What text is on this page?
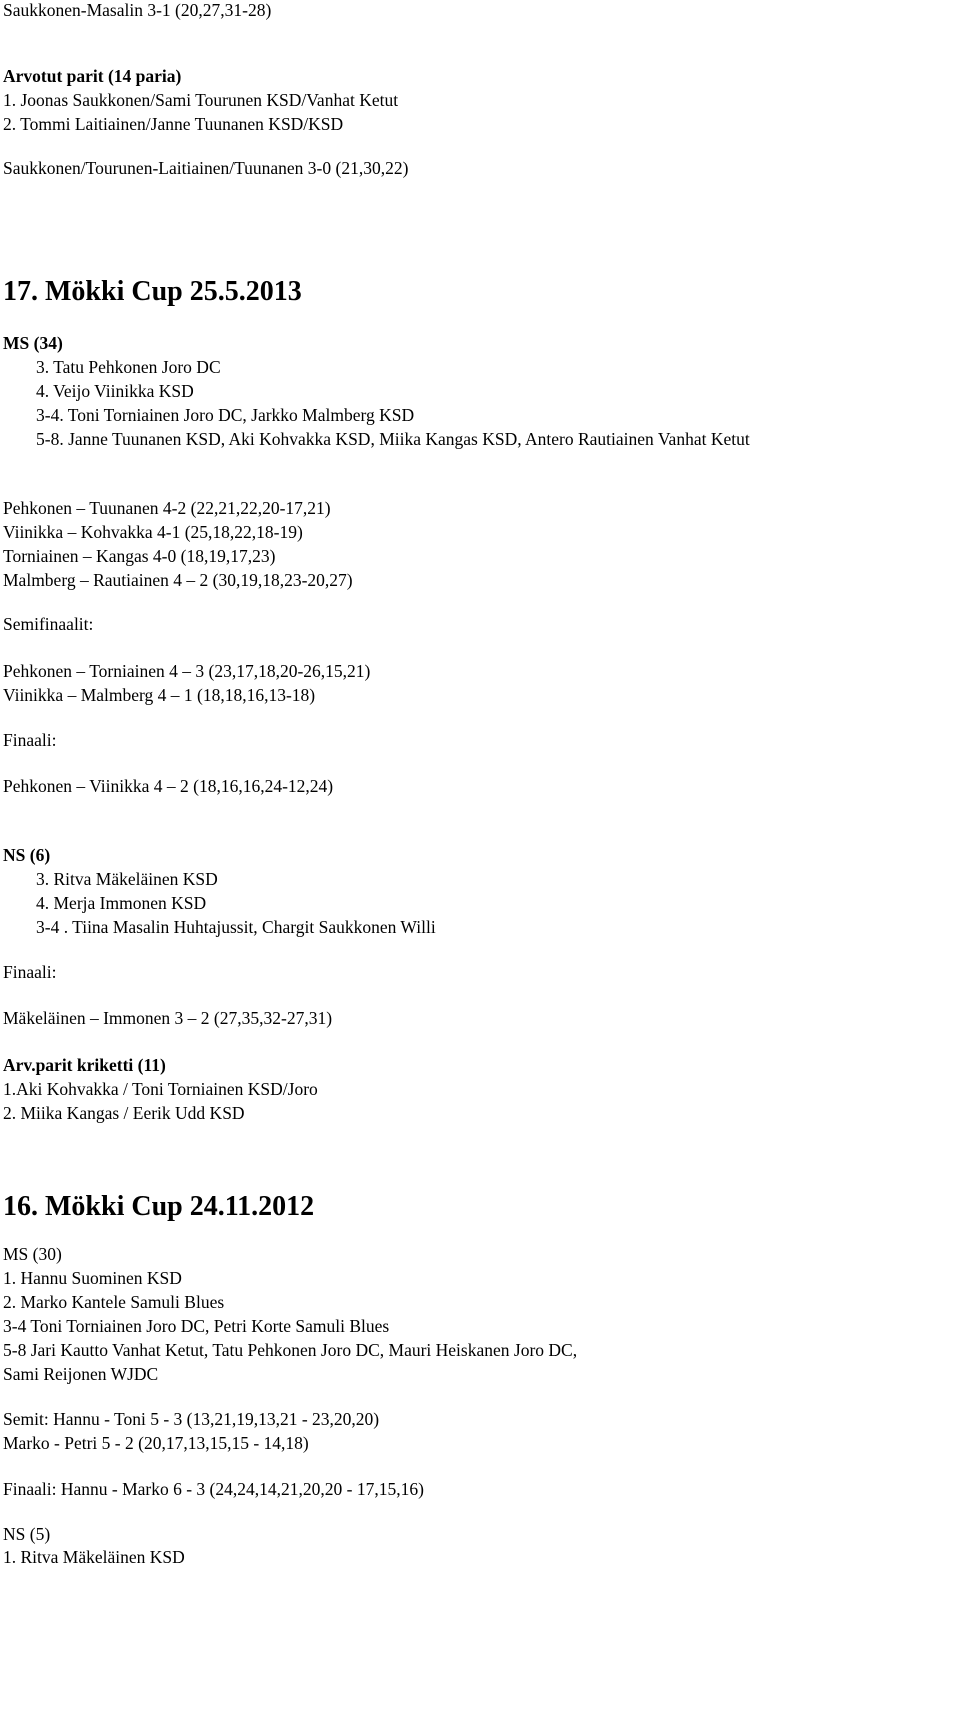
Saukkonen-Masalin 3-1 (20,27,31-28)
Arvotut parit (14 paria)
1. Joonas Saukkonen/Sami Tourunen KSD/Vanhat Ketut
2. Tommi Laitiainen/Janne Tuunanen KSD/KSD
Saukkonen/Tourunen-Laitiainen/Tuunanen 3-0 (21,30,22)
17. Mökki Cup 25.5.2013
MS (34)
3. Tatu Pehkonen Joro DC
4. Veijo Viinikka KSD
3-4. Toni Torniainen Joro DC, Jarkko Malmberg KSD
5-8. Janne Tuunanen KSD, Aki Kohvakka KSD, Miika Kangas KSD, Antero Rautiainen Vanhat Ketut
Pehkonen – Tuunanen 4-2 (22,21,22,20-17,21)
Viinikka – Kohvakka 4-1 (25,18,22,18-19)
Torniainen – Kangas 4-0 (18,19,17,23)
Malmberg – Rautiainen 4 – 2 (30,19,18,23-20,27)
Semifinaalit:
Pehkonen – Torniainen 4 – 3 (23,17,18,20-26,15,21)
Viinikka – Malmberg 4 – 1 (18,18,16,13-18)
Finaali:
Pehkonen – Viinikka 4 – 2 (18,16,16,24-12,24)
NS (6)
3. Ritva Mäkeläinen KSD
4. Merja Immonen KSD
3-4 . Tiina Masalin Huhtajussit, Chargit Saukkonen Willi
Finaali:
Mäkeläinen – Immonen 3 – 2 (27,35,32-27,31)
Arv.parit kriketti (11)
1.Aki Kohvakka / Toni Torniainen KSD/Joro
2. Miika Kangas / Eerik Udd KSD
16. Mökki Cup 24.11.2012
MS (30)
1. Hannu Suominen KSD
2. Marko Kantele Samuli Blues
3-4 Toni Torniainen Joro DC, Petri Korte Samuli Blues
5-8 Jari Kautto Vanhat Ketut, Tatu Pehkonen Joro DC, Mauri Heiskanen Joro DC,
Sami Reijonen WJDC
Semit: Hannu - Toni 5 - 3 (13,21,19,13,21 - 23,20,20)
Marko - Petri 5 - 2 (20,17,13,15,15 - 14,18)
Finaali: Hannu - Marko 6 - 3 (24,24,14,21,20,20 - 17,15,16)
NS (5)
1. Ritva Mäkeläinen KSD
